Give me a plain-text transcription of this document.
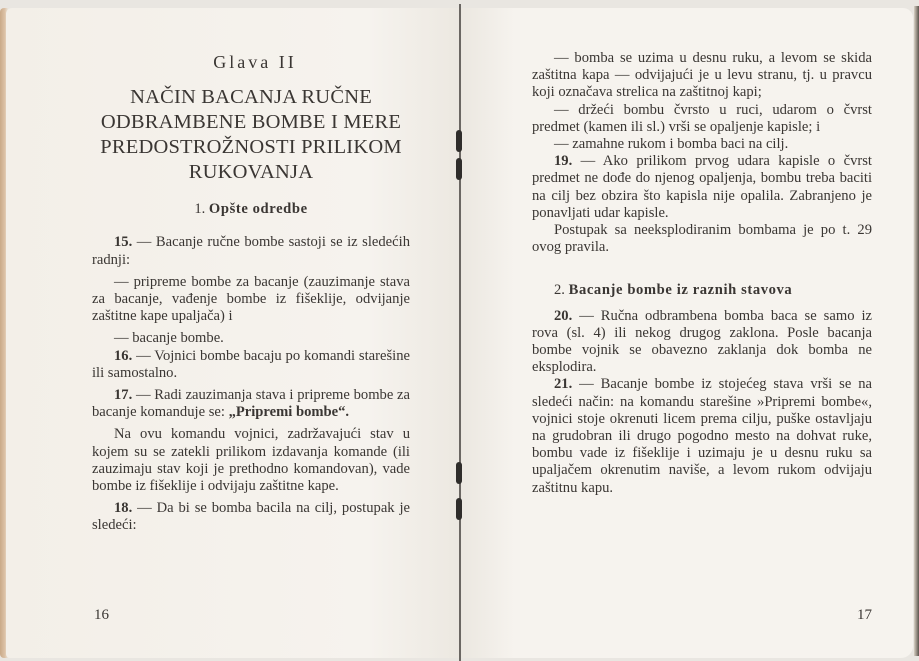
Glava II
NAČIN BACANJA RUČNE
ODBRAMBENE BOMBE I MERE
PREDOSTROŽNOSTI PRILIKOM
RUKOVANJA
1. Opšte odredbe

15. — Bacanje ručne bombe sastoji se iz sledećih radnji:

— pripreme bombe za bacanje (zauzimanje stava za bacanje, vađenje bombe iz fišeklije, odvijanje zaštitne kape upaljača) i

— bacanje bombe.

16. — Vojnici bombe bacaju po komandi starešine ili samostalno.

17. — Radi zauzimanja stava i pripreme bombe za bacanje komanduje se: „Pripremi bombe“.

Na ovu komandu vojnici, zadržavajući stav u kojem su se zatekli prilikom izdavanja komande (ili zauzimaju stav koji je prethodno komandovan), vade bombe iz fišeklije i odvijaju zaštitne kape.

18. — Da bi se bomba bacila na cilj, postupak je sledeći:

16

— bomba se uzima u desnu ruku, a levom se skida zaštitna kapa — odvijajući je u levu stranu, tj. u pravcu koji označava strelica na zaštitnoj kapi;

— držeći bombu čvrsto u ruci, udarom o čvrst predmet (kamen ili sl.) vrši se opaljenje kapisle; i

— zamahne rukom i bomba baci na cilj.

19. — Ako prilikom prvog udara kapisle o čvrst predmet ne dođe do njenog opaljenja, bombu treba baciti na cilj bez obzira što kapisla nije opalila. Zabranjeno je ponavljati udar kapisle.

Postupak sa neeksplodiranim bombama je po t. 29 ovog pravila.

2. Bacanje bombe iz raznih stavova

20. — Ručna odbrambena bomba baca se samo iz rova (sl. 4) ili nekog drugog zaklona. Posle bacanja bombe vojnik se obavezno zaklanja dok bomba ne eksplodira.

21. — Bacanje bombe iz stojećeg stava vrši se na sledeći način: na komandu starešine »Pripremi bombe«, vojnici stoje okrenuti licem prema cilju, puške ostavljaju na grudobran ili drugo pogodno mesto na dohvat ruke, bombu vade iz fišeklije i uzimaju je u desnu ruku sa upaljačem okrenutim naviše, a levom rukom odvijaju zaštitnu kapu.

17
